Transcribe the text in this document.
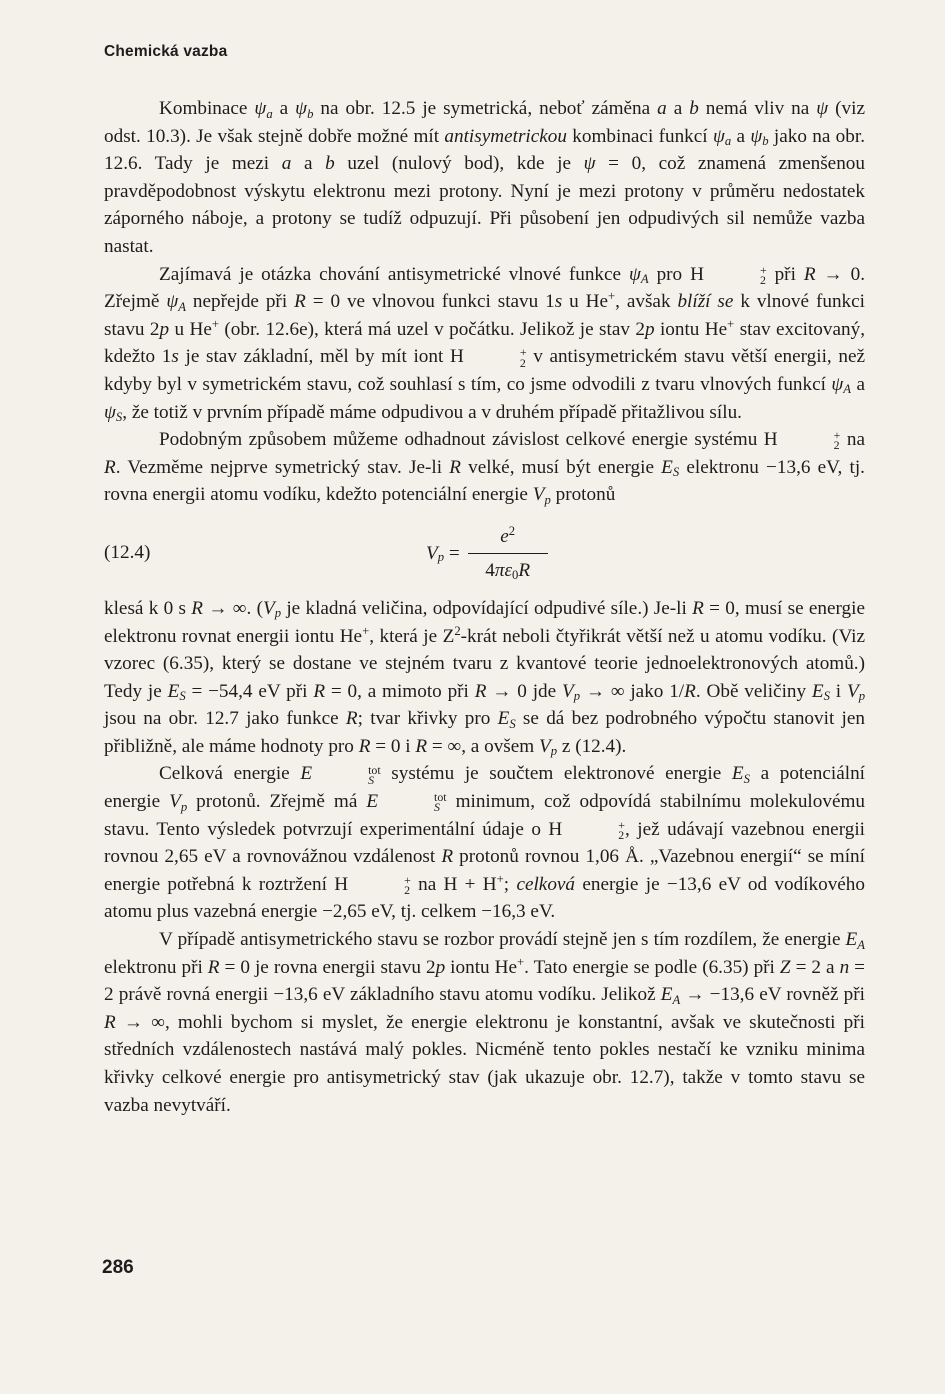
Chemická vazba

Kombinace $\psi_a$ a $\psi_b$ na obr. 12.5 je symetrická, neboť záměna a a b nemá vliv na ψ (viz odst. 10.3). Je však stejně dobře možné mít antisymetrickou kombinaci funkcí $\psi_a$ a $\psi_b$ jako na obr. 12.6. Tady je mezi a a b uzel (nulový bod), kde je ψ = 0, což znamená zmenšenou pravděpodobnost výskytu elektronu mezi protony. Nyní je mezi protony v průměru nedostatek záporného náboje, a protony se tudíž odpuzují. Při působení jen odpudivých sil nemůže vazba nastat.

Zajímavá je otázka chování antisymetrické vlnové funkce $\psi_A$ pro H	+
2 při R → 0. Zřejmě $\psi_A$ nepřejde při R = 0 ve vlnovou funkci stavu 1s u He+, avšak blíží se k vlnové funkci stavu 2p u He+ (obr. 12.6e), která má uzel v počátku. Jelikož je stav 2p iontu He+ stav excitovaný, kdežto 1s je stav základní, měl by mít iont H	+
2 v antisymetrickém stavu větší energii, než kdyby byl v symetrickém stavu, což souhlasí s tím, co jsme odvodili z tvaru vlnových funkcí $\psi_A$ a $\psi_S$, že totiž v prvním případě máme odpudivou a v druhém případě přitažlivou sílu.

Podobným způsobem můžeme odhadnout závislost celkové energie systému H	+
2 na R. Vezměme nejprve symetrický stav. Je-li R velké, musí být energie $E_S$ elektronu −13,6 eV, tj. rovna energii atomu vodíku, kdežto potenciální energie $V_p$ protonů

(12.4)	V $_p = \frac{e^2}{4\pi\varepsilon_0R}$

klesá k 0 s R → ∞. ($V_p$ je kladná veličina, odpovídající odpudivé síle.) Je-li R = 0, musí se energie elektronu rovnat energii iontu He+, která je $Z^2$-krát neboli čtyřikrát větší než u atomu vodíku. (Viz vzorec (6.35), který se dostane ve stejném tvaru z kvantové teorie jednoelektronových atomů.) Tedy je $E_S = -54,4$ eV při R = 0, a mimoto při R → 0 jde $V_p$ → ∞ jako 1/R. Obě veličiny $E_S$ i $V_p$ jsou na obr. 12.7 jako funkce R; tvar křivky pro $E_S$ se dá bez podrobného výpočtu stanovit jen přibližně, ale máme hodnoty pro R = 0 i R = ∞, a ovšem $V_p$ z (12.4).

Celková energie E	tot
S systému je součtem elektronové energie $E_S$ a potenciální energie $V_p$ protonů. Zřejmě má E	tot
S minimum, což odpovídá stabilnímu molekulovému stavu. Tento výsledek potvrzují experimentální údaje o H	+
2 , jež udávají vazebnou energii rovnou 2,65 eV a rovnovážnou vzdálenost R protonů rovnou 1,06 Å. „Vazebnou energií“ se míní energie potřebná k roztržení H	+
2 na H + H+; celková energie je −13,6 eV od vodíkového atomu plus vazebná energie −2,65 eV, tj. celkem −16,3 eV.

V případě antisymetrického stavu se rozbor provádí stejně jen s tím rozdílem, že energie $E_A$ elektronu při R = 0 je rovna energii stavu 2p iontu He+. Tato energie se podle (6.35) při Z = 2 a n = 2 právě rovná energii −13,6 eV základního stavu atomu vodíku. Jelikož $E_A \to -13,6$ eV rovněž při R → ∞, mohli bychom si myslet, že energie elektronu je konstantní, avšak ve skutečnosti při středních vzdálenostech nastává malý pokles. Nicméně tento pokles nestačí ke vzniku minima křivky celkové energie pro antisymetrický stav (jak ukazuje obr. 12.7), takže v tomto stavu se vazba nevytváří.

286
